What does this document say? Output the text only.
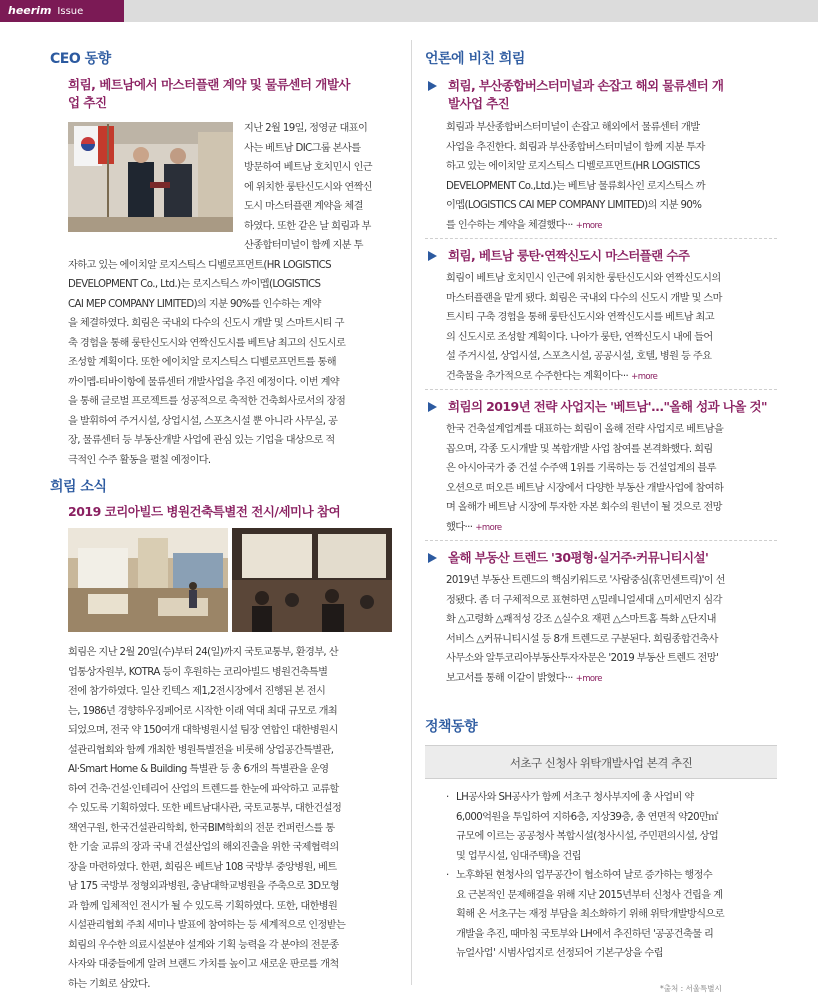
heerim Issue
CEO 동향
희림, 베트남에서 마스터플랜 계약 및 물류센터 개발사
업 추진
지난 2월 19일, 정영균 대표이
사는 베트남 DIC그룹 본사를
방문하여 베트남 호치민시 인근
에 위치한 룽탄신도시와 연짝신
도시 마스터플랜 계약을 체결
하였다. 또한 같은 날 희림과 부
산종합터미널이 함께 지분 투
자하고 있는 에이치알 로지스틱스 디벨로프먼트(HR LOGISTICS
DEVELOPMENT Co., Ltd.)는 로지스틱스 까이멥(LOGISTICS
CAI MEP COMPANY LIMITED)의 지분 90%를 인수하는 계약
을 체결하였다. 희림은 국내외 다수의 신도시 개발 및 스마트시티 구
축 경험을 통해 룽탄신도시와 연짝신도시를 베트남 최고의 신도시로
조성할 계획이다. 또한 에이치알 로지스틱스 디벨로프먼트를 통해
까이멥-티바이항에 물류센터 개발사업을 추진 예정이다. 이번 계약
을 통해 글로벌 프로젝트를 성공적으로 축적한 건축회사로서의 장점
을 발휘하여 주거시설, 상업시설, 스포츠시설 뿐 아니라 사무실, 공
장, 물류센터 등 부동산개발 사업에 관심 있는 기업을 대상으로 적
극적인 수주 활동을 펼칠 예정이다.
희림 소식
2019 코리아빌드 병원건축특별전 전시/세미나 참여
희림은 지난 2월 20일(수)부터 24(일)까지 국토교통부, 환경부, 산
업통상자원부, KOTRA 등이 후원하는 코리아빌드 병원건축특별
전에 참가하였다. 일산 킨텍스 제1,2전시장에서 진행된 본 전시
는, 1986년 경향하우징페어로 시작한 이래 역대 최대 규모로 개최
되었으며, 전국 약 150여개 대학병원시설 팀장 연합인 대한병원시
설관리협회와 함께 개최한 병원특별전을 비롯해 상업공간특별관,
AI·Smart Home & Building 특별관 등 총 6개의 특별관을 운영
하여 건축·건설·인테리어 산업의 트렌드를 한눈에 파악하고 교류할
수 있도록 기획하였다. 또한 베트남대사관, 국토교통부, 대한건설정
책연구원, 한국건설관리학회, 한국BIM학회의 전문 컨퍼런스를 통
한 기술 교류의 장과 국내 건설산업의 해외진출을 위한 국제협력의
장을 마련하였다. 한편, 희림은 베트남 108 국방부 중앙병원, 베트
남 175 국방부 정형외과병원, 충남대학교병원을 주축으로 3D모형
과 함께 입체적인 전시가 될 수 있도록 기획하였다. 또한, 대한병원
시설관리협회 주최 세미나 발표에 참여하는 등 세계적으로 인정받는
희림의 우수한 의료시설분야 설계와 기획 능력을 각 분야의 전문종
사자와 대중들에게 알려 브랜드 가치를 높이고 새로운 판로를 개척
하는 기회로 삼았다.
언론에 비친 희림
희림, 부산종합버스터미널과 손잡고 해외 물류센터 개
발사업 추진
희림과 부산종합버스터미널이 손잡고 해외에서 물류센터 개발
사업을 추진한다. 희림과 부산종합버스터미널이 함께 지분 투자
하고 있는 에이치알 로지스틱스 디벨로프먼트(HR LOGISTICS
DEVELOPMENT Co.,Ltd.)는 베트남 물류회사인 로지스틱스 까
이멥(LOGISTICS CAI MEP COMPANY LIMITED)의 지분 90%
를 인수하는 계약을 체결했다··· +more
희림, 베트남 룽탄·연짝신도시 마스터플랜 수주
희림이 베트남 호치민시 인근에 위치한 룽탄신도시와 연짝신도시의
마스터플랜을 맡게 됐다. 희림은 국내외 다수의 신도시 개발 및 스마
트시티 구축 경험을 통해 룽탄신도시와 연짝신도시를 베트남 최고
의 신도시로 조성할 계획이다. 나아가 룽탄, 연짝신도시 내에 들어
설 주거시설, 상업시설, 스포츠시설, 공공시설, 호텔, 병원 등 주요
건축물을 추가적으로 수주한다는 계획이다··· +more
희림의 2019년 전략 사업지는 '베트남'..."올해 성과 나올 것"
한국 건축설계업계를 대표하는 희림이 올해 전략 사업지로 베트남을
꼽으며, 각종 도시개발 및 복합개발 사업 참여를 본격화했다. 희림
은 아시아국가 중 건설 수주액 1위를 기록하는 등 건설업계의 블루
오션으로 떠오른 베트남 시장에서 다양한 부동산 개발사업에 참여하
며 올해가 베트남 시장에 투자한 자본 회수의 원년이 될 것으로 전망
했다··· +more
올해 부동산 트렌드 '30평형·실거주·커뮤니티시설'
2019년 부동산 트렌드의 핵심키워드로 '사람중심(휴먼센트릭)'이 선
정됐다. 좀 더 구체적으로 표현하면 △밀레니얼세대 △미세먼지 심각
화 △고령화 △쾌적성 강조 △실수요 재편 △스마트홈 특화 △단지내
서비스 △커뮤니티시설 등 8개 트렌드로 구분된다. 희림종합건축사
사무소와 알투코리아부동산투자자문은 '2019 부동산 트렌드 전망'
보고서를 통해 이같이 밝혔다··· +more
정책동향
서초구 신청사 위탁개발사업 본격 추진
· LH공사와 SH공사가 함께 서초구 청사부지에 총 사업비 약
6,000억원을 투입하여 지하6층, 지상39층, 총 연면적 약20만㎡
규모에 이르는 공공청사 복합시설(청사시설, 주민편의시설, 상업
및 업무시설, 임대주택)을 건립
· 노후화된 현청사의 업무공간이 협소하여 날로 증가하는 행정수
요 근본적인 문제해결을 위해 지난 2015년부터 신청사 건립을 계
획해 온 서초구는 재정 부담을 최소화하기 위해 위탁개발방식으로
개발을 추진, 때마침 국토부와 LH에서 추진하던 '공공건축물 리
뉴얼사업' 시범사업지로 선정되어 기본구상을 수립
*출처 : 서울특별시
